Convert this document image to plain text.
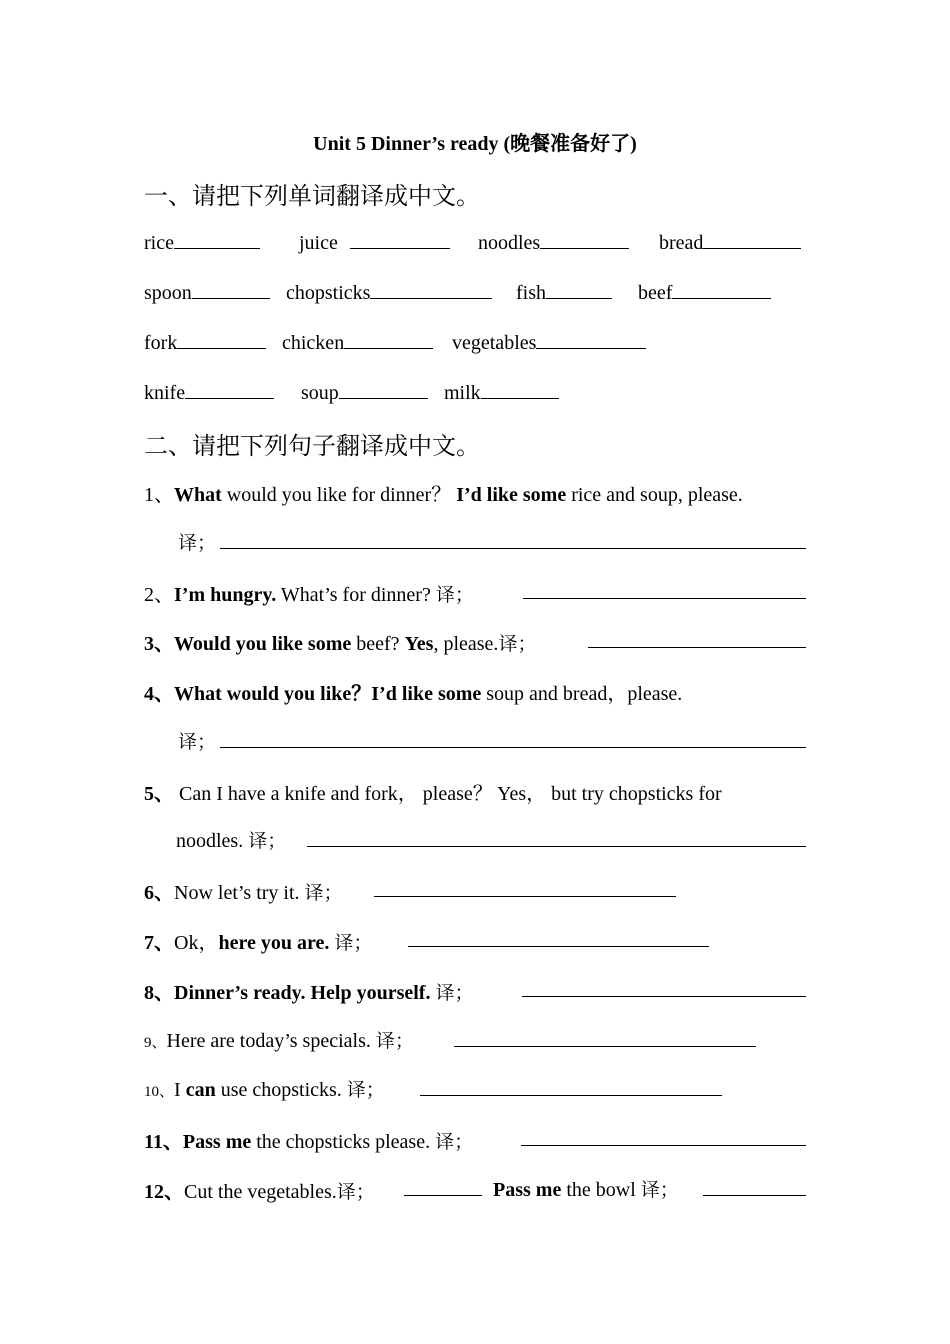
Unit 5 Dinner’s ready (晚餐准备好了)
一、请把下列单词翻译成中文。
rice	juice	noodles	bread
spoon	chopsticks	fish	beef
fork	chicken	vegetables
knife	soup	milk
二、请把下列句子翻译成中文。
1、What would you like for dinner？ I’d like some rice and soup, please.
译；
2、I’m hungry. What’s for dinner? 译；
3、Would you like some beef? Yes, please.译；
4、What would you like？I’d like some soup and bread，please.
译；
5、 Can I have a knife and fork， please？ Yes， but try chopsticks for
noodles. 译；
6、Now let’s try it. 译；
7、Ok，here you are. 译；
8、Dinner’s ready. Help yourself. 译；
9、Here are today’s specials. 译；
10、I can use chopsticks. 译；
11、Pass me the chopsticks please. 译；
12、Cut the vegetables.译；	Pass me the bowl 译；
